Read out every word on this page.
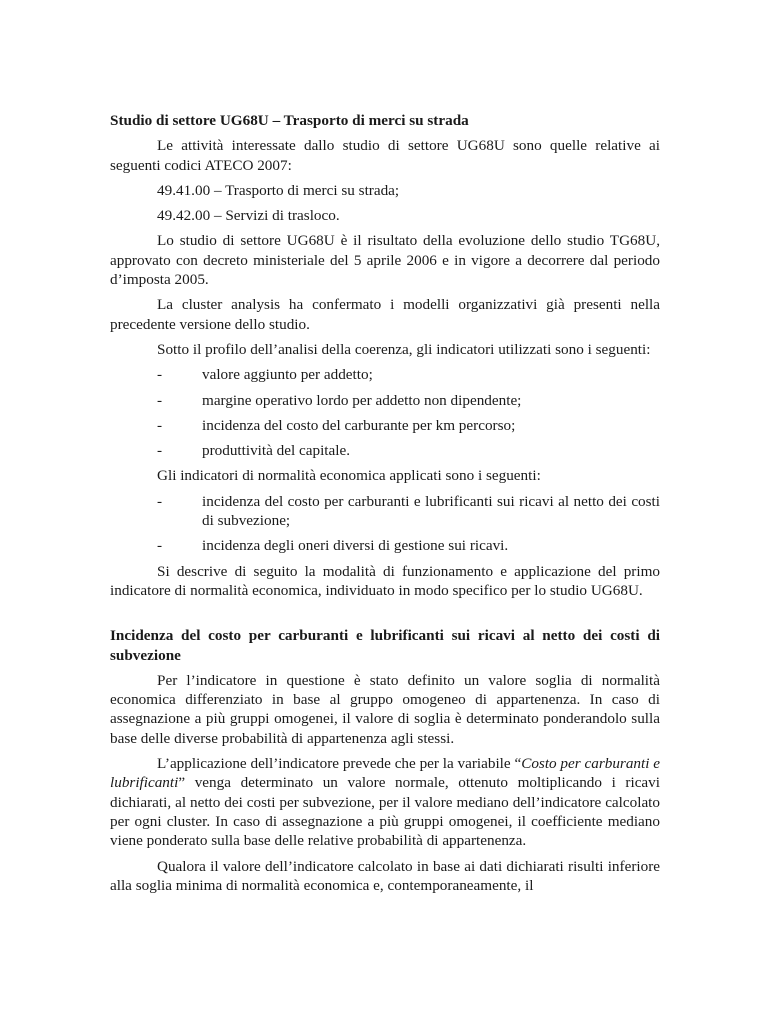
Studio di settore UG68U – Trasporto di merci su strada

Le attività interessate dallo studio di settore UG68U sono quelle relative ai seguenti codici ATECO 2007:

49.41.00 – Trasporto di merci su strada;

49.42.00 – Servizi di trasloco.

Lo studio di settore UG68U è il risultato della evoluzione dello studio TG68U, approvato con decreto ministeriale del 5 aprile 2006 e in vigore a decorrere dal periodo d’imposta 2005.

La cluster analysis ha confermato i modelli organizzativi già presenti nella precedente versione dello studio.

Sotto il profilo dell’analisi della coerenza, gli indicatori utilizzati sono i seguenti:

-	valore aggiunto per addetto;
-	margine operativo lordo per addetto non dipendente;
-	incidenza del costo del carburante per km percorso;
-	produttività del capitale.

Gli indicatori di normalità economica applicati sono i seguenti:

-	incidenza del costo per carburanti e lubrificanti sui ricavi al netto dei costi di subvezione;
-	incidenza degli oneri diversi di gestione sui ricavi.

Si descrive di seguito la modalità di funzionamento e applicazione del primo indicatore di normalità economica, individuato in modo specifico per lo studio UG68U.

Incidenza del costo per carburanti e lubrificanti sui ricavi al netto dei costi di subvezione

Per l’indicatore in questione è stato definito un valore soglia di normalità economica differenziato in base al gruppo omogeneo di appartenenza. In caso di assegnazione a più gruppi omogenei, il valore di soglia è determinato ponderandolo sulla base delle diverse probabilità di appartenenza agli stessi.

L’applicazione dell’indicatore prevede che per la variabile “Costo per carburanti e lubrificanti” venga determinato un valore normale, ottenuto moltiplicando i ricavi dichiarati, al netto dei costi per subvezione, per il valore mediano dell’indicatore calcolato per ogni cluster. In caso di assegnazione a più gruppi omogenei, il coefficiente mediano viene ponderato sulla base delle relative probabilità di appartenenza.

Qualora il valore dell’indicatore calcolato in base ai dati dichiarati risulti inferiore alla soglia minima di normalità economica e, contemporaneamente, il
